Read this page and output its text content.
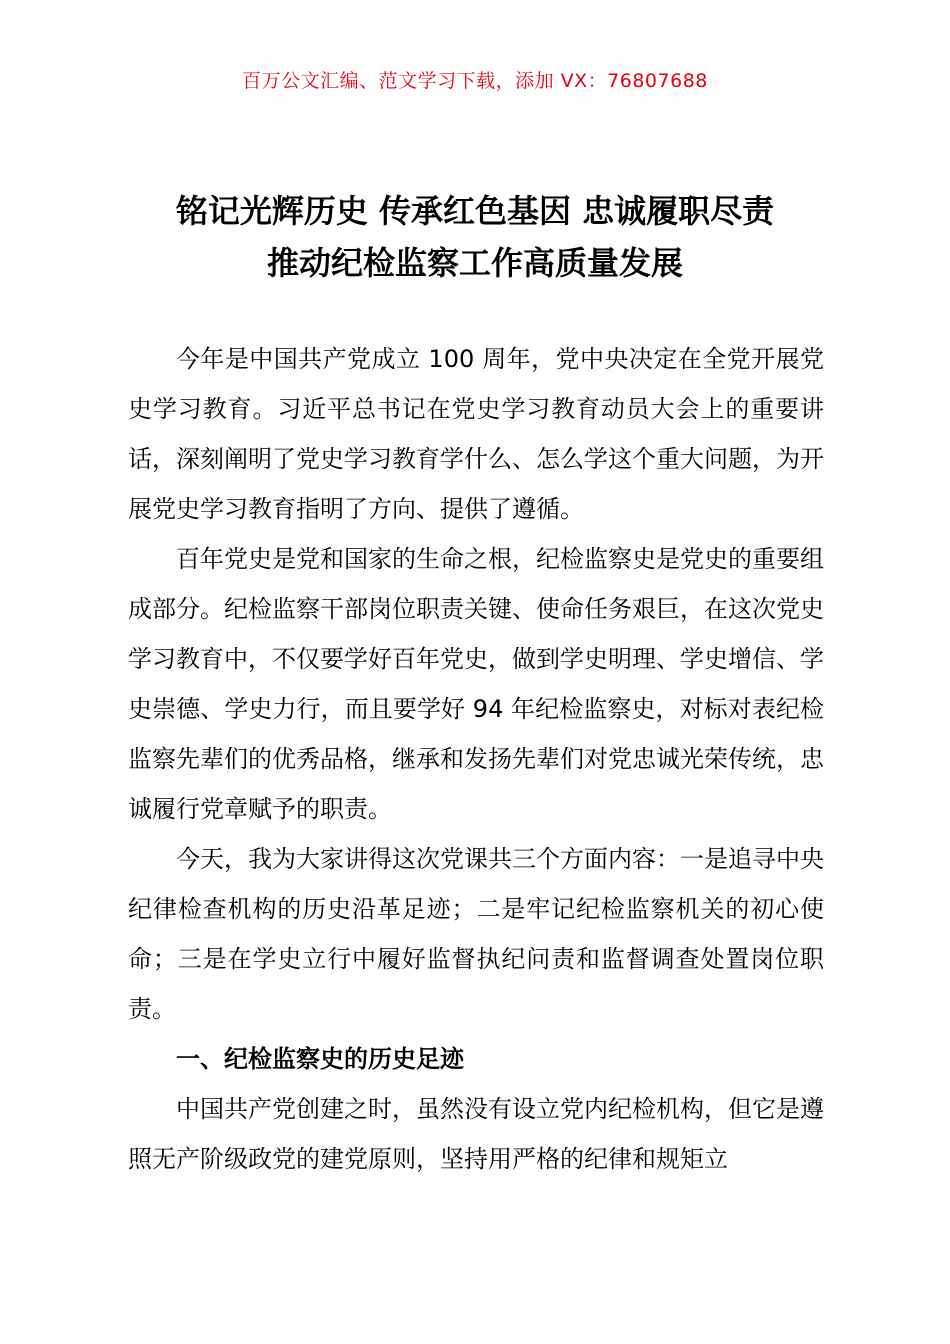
百万公文汇编、范文学习下载，添加 VX：76807688
铭记光辉历史 传承红色基因 忠诚履职尽责
推动纪检监察工作高质量发展

今年是中国共产党成立 100 周年，党中央决定在全党开展党史学习教育。习近平总书记在党史学习教育动员大会上的重要讲话，深刻阐明了党史学习教育学什么、怎么学这个重大问题，为开展党史学习教育指明了方向、提供了遵循。

百年党史是党和国家的生命之根，纪检监察史是党史的重要组成部分。纪检监察干部岗位职责关键、使命任务艰巨，在这次党史学习教育中，不仅要学好百年党史，做到学史明理、学史增信、学史崇德、学史力行，而且要学好 94 年纪检监察史，对标对表纪检监察先辈们的优秀品格，继承和发扬先辈们对党忠诚光荣传统，忠诚履行党章赋予的职责。

今天，我为大家讲得这次党课共三个方面内容：一是追寻中央纪律检查机构的历史沿革足迹；二是牢记纪检监察机关的初心使命；三是在学史立行中履好监督执纪问责和监督调查处置岗位职责。

一、纪检监察史的历史足迹

中国共产党创建之时，虽然没有设立党内纪检机构，但它是遵照无产阶级政党的建党原则，坚持用严格的纪律和规矩立
